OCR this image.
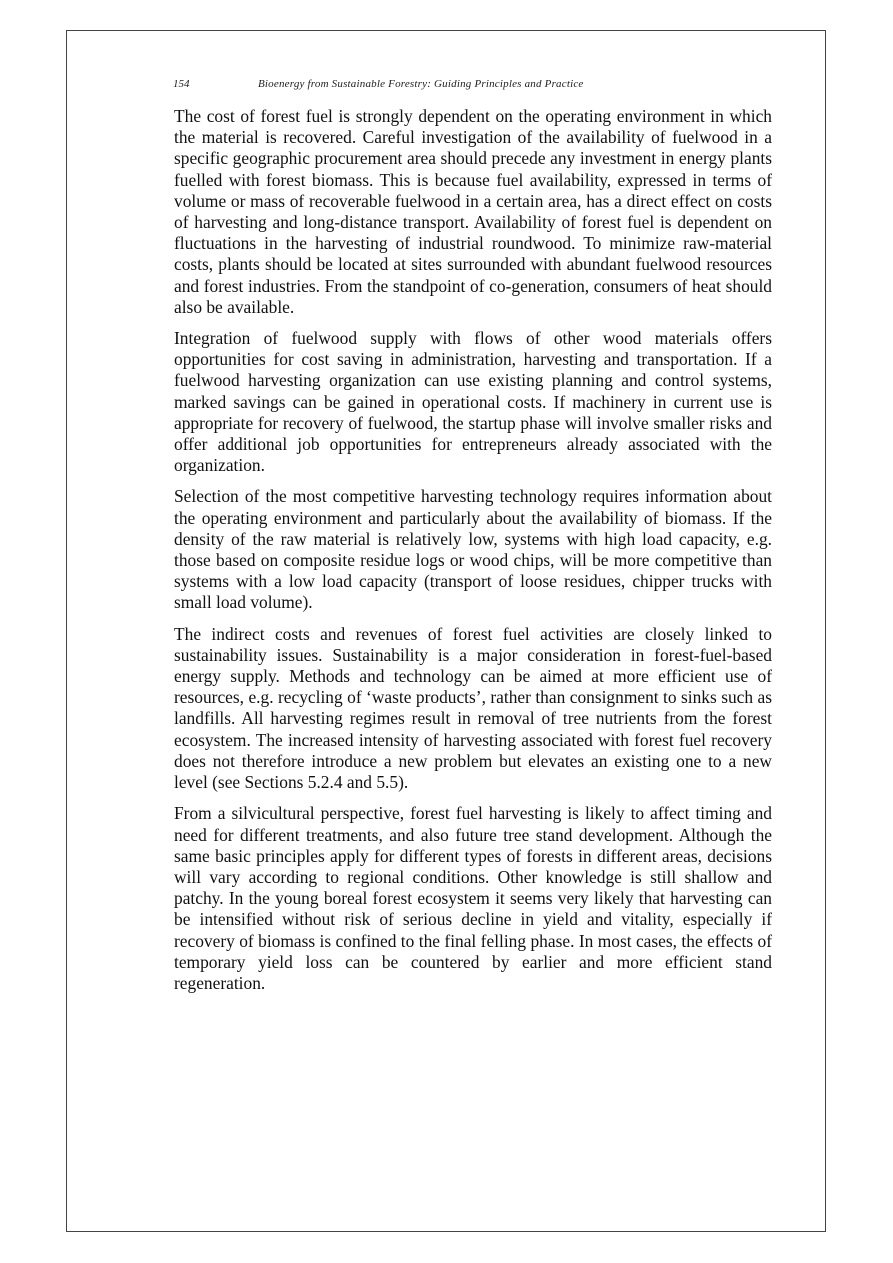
154	Bioenergy from Sustainable Forestry: Guiding Principles and Practice

The cost of forest fuel is strongly dependent on the operating environment in which the material is recovered. Careful investigation of the availability of fuelwood in a specific geographic procurement area should precede any investment in energy plants fuelled with forest biomass. This is because fuel availability, expressed in terms of volume or mass of recoverable fuelwood in a certain area, has a direct effect on costs of harvesting and long-distance transport. Availability of forest fuel is dependent on fluctuations in the harvesting of industrial roundwood. To minimize raw-material costs, plants should be located at sites surrounded with abundant fuelwood resources and forest industries. From the standpoint of co-generation, consumers of heat should also be available.

Integration of fuelwood supply with flows of other wood materials offers opportunities for cost saving in administration, harvesting and transportation. If a fuelwood harvesting organization can use existing planning and control systems, marked savings can be gained in operational costs. If machinery in current use is appropriate for recovery of fuelwood, the startup phase will involve smaller risks and offer additional job opportunities for entrepreneurs already associated with the organization.

Selection of the most competitive harvesting technology requires information about the operating environment and particularly about the availability of biomass. If the density of the raw material is relatively low, systems with high load capacity, e.g. those based on composite residue logs or wood chips, will be more competitive than systems with a low load capacity (transport of loose residues, chipper trucks with small load volume).

The indirect costs and revenues of forest fuel activities are closely linked to sustainability issues. Sustainability is a major consideration in forest-fuel-based energy supply. Methods and technology can be aimed at more efficient use of resources, e.g. recycling of ‘waste products’, rather than consignment to sinks such as landfills. All harvesting regimes result in removal of tree nutrients from the forest ecosystem. The increased intensity of harvesting associated with forest fuel recovery does not therefore introduce a new problem but elevates an existing one to a new level (see Sections 5.2.4 and 5.5).

From a silvicultural perspective, forest fuel harvesting is likely to affect timing and need for different treatments, and also future tree stand development. Although the same basic principles apply for different types of forests in different areas, decisions will vary according to regional conditions. Other knowledge is still shallow and patchy. In the young boreal forest ecosystem it seems very likely that harvesting can be intensified without risk of serious decline in yield and vitality, especially if recovery of biomass is confined to the final felling phase. In most cases, the effects of temporary yield loss can be countered by earlier and more efficient stand regeneration.
